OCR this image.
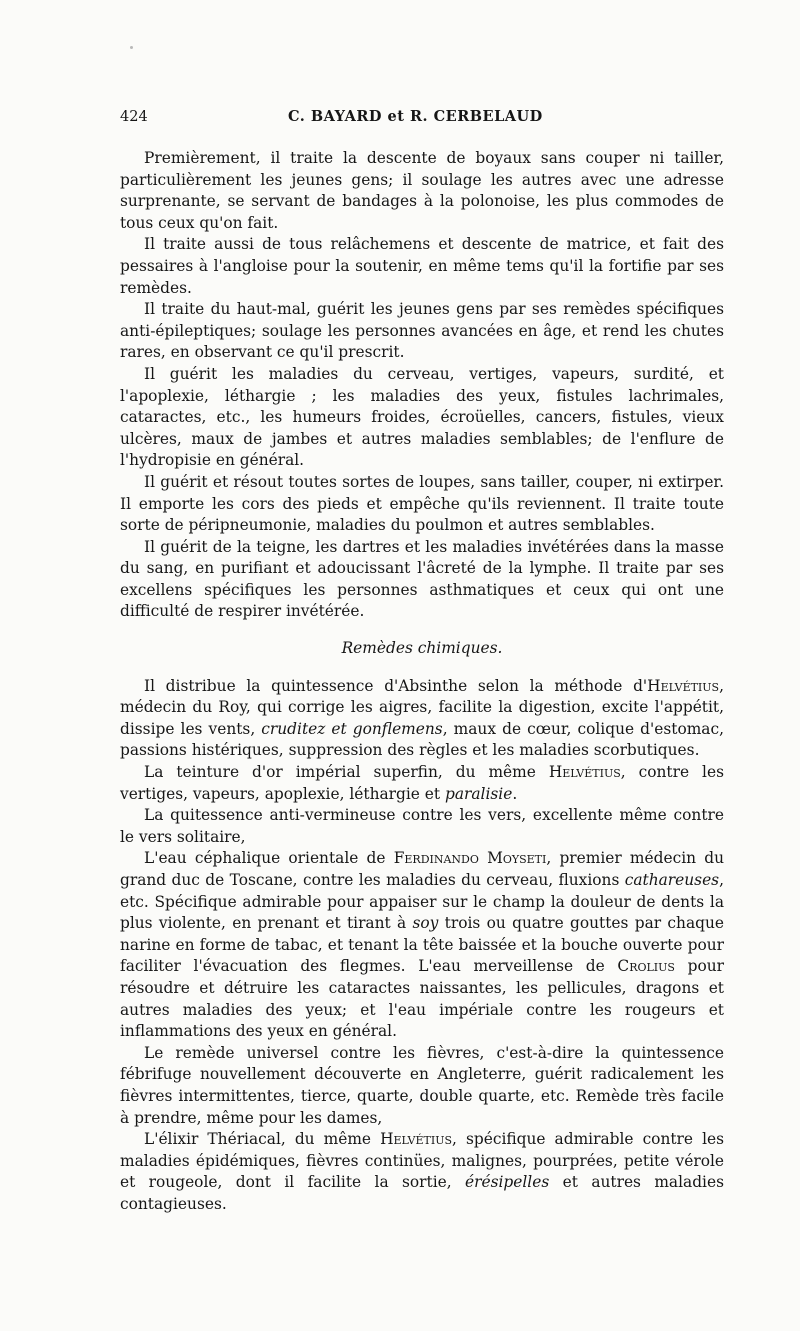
424	C. BAYARD et R. CERBELAUD

Premièrement, il traite la descente de boyaux sans couper ni tailler, particulièrement les jeunes gens; il soulage les autres avec une adresse surprenante, se servant de bandages à la polonoise, les plus commodes de tous ceux qu'on fait.

Il traite aussi de tous relâchemens et descente de matrice, et fait des pessaires à l'angloise pour la soutenir, en même tems qu'il la fortifie par ses remèdes.

Il traite du haut-mal, guérit les jeunes gens par ses remèdes spécifiques anti-épileptiques; soulage les personnes avancées en âge, et rend les chutes rares, en observant ce qu'il prescrit.

Il guérit les maladies du cerveau, vertiges, vapeurs, surdité, et l'apoplexie, léthargie ; les maladies des yeux, fistules lachrimales, cataractes, etc., les humeurs froides, écroüelles, cancers, fistules, vieux ulcères, maux de jambes et autres maladies semblables; de l'enflure de l'hydropisie en général.

Il guérit et résout toutes sortes de loupes, sans tailler, couper, ni extirper. Il emporte les cors des pieds et empêche qu'ils reviennent. Il traite toute sorte de péripneumonie, maladies du poulmon et autres semblables.

Il guérit de la teigne, les dartres et les maladies invétérées dans la masse du sang, en purifiant et adoucissant l'âcreté de la lymphe. Il traite par ses excellens spécifiques les personnes asthmatiques et ceux qui ont une difficulté de respirer invétérée.

Remèdes chimiques.

Il distribue la quintessence d'Absinthe selon la méthode d'Helvétius, médecin du Roy, qui corrige les aigres, facilite la digestion, excite l'appétit, dissipe les vents, cruditez et gonflemens, maux de cœur, colique d'estomac, passions histériques, suppression des règles et les maladies scorbutiques.

La teinture d'or impérial superfin, du même Helvétius, contre les vertiges, vapeurs, apoplexie, léthargie et paralisie.

La quitessence anti-vermineuse contre les vers, excellente même contre le vers solitaire,

L'eau céphalique orientale de Ferdinando Moyseti, premier médecin du grand duc de Toscane, contre les maladies du cerveau, fluxions cathareuses, etc. Spécifique admirable pour appaiser sur le champ la douleur de dents la plus violente, en prenant et tirant à soy trois ou quatre gouttes par chaque narine en forme de tabac, et tenant la tête baissée et la bouche ouverte pour faciliter l'évacuation des flegmes. L'eau merveillense de Crolius pour résoudre et détruire les cataractes naissantes, les pellicules, dragons et autres maladies des yeux; et l'eau impériale contre les rougeurs et inflammations des yeux en général.

Le remède universel contre les fièvres, c'est-à-dire la quintessence fébrifuge nouvellement découverte en Angleterre, guérit radicalement les fièvres intermittentes, tierce, quarte, double quarte, etc. Remède très facile à prendre, même pour les dames,

L'élixir Thériacal, du même Helvétius, spécifique admirable contre les maladies épidémiques, fièvres continües, malignes, pourprées, petite vérole et rougeole, dont il facilite la sortie, érésipelles et autres maladies contagieuses.
